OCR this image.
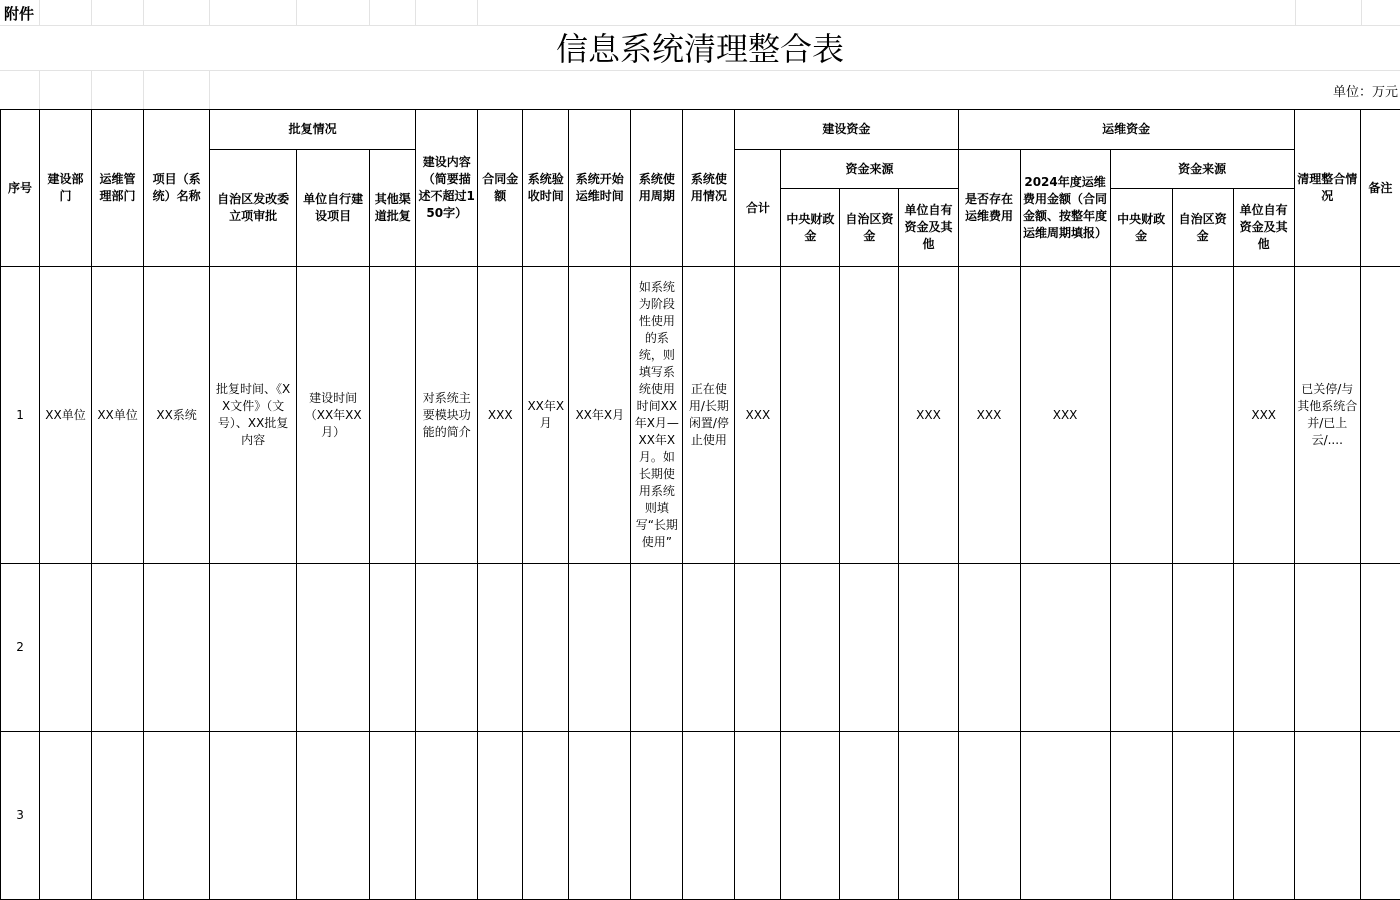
附件
信息系统清理整合表
单位：万元
序号	建设部门	运维管理部门	项目（系统）名称	批复情况			建设内容（简要描述不超过150字）	合同金额	系统验收时间	系统开始运维时间	系统使用周期	系统使用情况	建设资金				运维资金					清理整合情况	备注
				自治区发改委立项审批	单位自行建设项目	其他渠道批复							合计	资金来源			是否存在运维费用	2024年度运维费用金额（合同金额、按整年度运维周期填报）	资金来源				
														中央财政金	自治区资金	单位自有资金及其他			中央财政金	自治区资金	单位自有资金及其他		

1	XX单位	XX单位	XX系统	批复时间、《XX文件》（文号）、XX批复内容	建设时间（XX年XX月）		对系统主要模块功能的简介	XXX	XX年X月	XX年X月	如系统为阶段性使用的系统，则填写系统使用时间XX年X月—XX年X月。如长期使用系统则填写“长期使用”	正在使用/长期闲置/停止使用	XXX			XXX	XXX	XXX			XXX	已关停/与其他系统合并/已上云/....	
2																							
3																							
